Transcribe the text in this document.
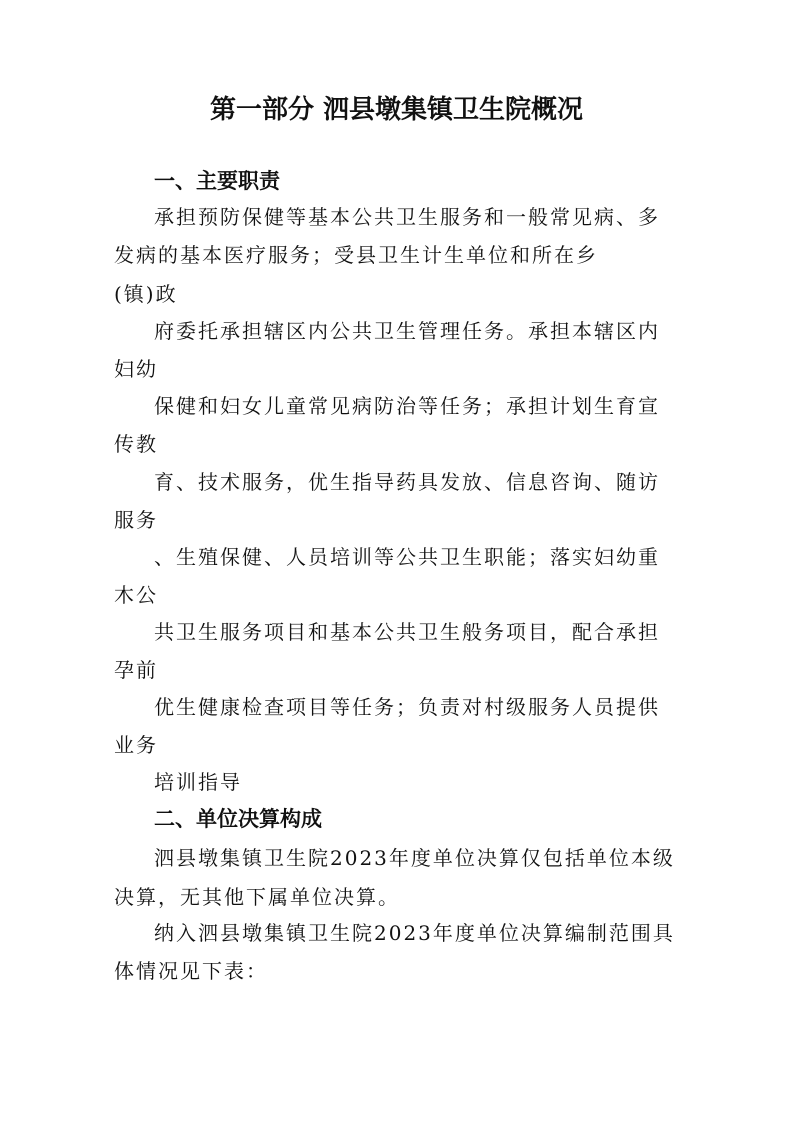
第一部分 泗县墩集镇卫生院概况
一、主要职责

承担预防保健等基本公共卫生服务和一般常见病、多

发病的基本医疗服务；受县卫生计生单位和所在乡

(镇)政

府委托承担辖区内公共卫生管理任务。承担本辖区内

妇幼

保健和妇女儿童常见病防治等任务；承担计划生育宣

传教

育、技术服务，优生指导药具发放、信息咨询、随访

服务

、生殖保健、人员培训等公共卫生职能；落实妇幼重

木公

共卫生服务项目和基本公共卫生般务项目，配合承担

孕前

优生健康检查项目等任务；负责对村级服务人员提供

业务

培训指导

二、单位决算构成

泗县墩集镇卫生院2023年度单位决算仅包括单位本级

决算，无其他下属单位决算。

纳入泗县墩集镇卫生院2023年度单位决算编制范围具

体情况见下表：
